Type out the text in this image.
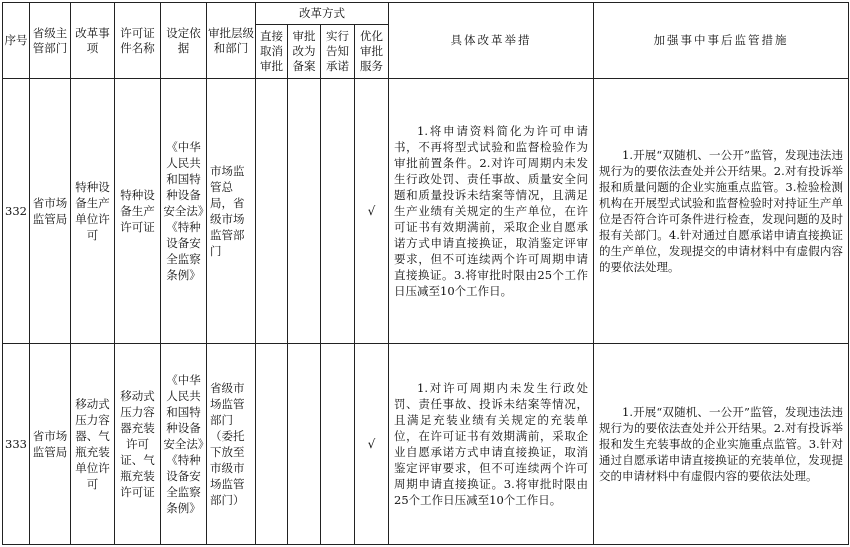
序号	省级主管部门	改革事项	许可证件名称	设定依据	审批层级和部门	改革方式				具体改革举措	加强事中事后监管措施
						直接取消审批	审批改为备案	实行告知承诺	优化审批服务		
332	省市场监管局	特种设备生产单位许可	特种设备生产许可证	《中华人民共和国特种设备安全法》《特种设备安全监察条例》	市场监管总局，省级市场监管部门				√	1.将申请资料简化为许可申请书，不再将型式试验和监督检验作为审批前置条件。2.对许可周期内未发生行政处罚、责任事故、质量安全问题和质量投诉未结案等情况，且满足生产业绩有关规定的生产单位，在许可证书有效期满前，采取企业自愿承诺方式申请直接换证，取消鉴定评审要求，但不可连续两个许可周期申请直接换证。3.将审批时限由25个工作日压减至10个工作日。	1.开展“双随机、一公开”监管，发现违法违规行为的要依法查处并公开结果。2.对有投诉举报和质量问题的企业实施重点监管。3.检验检测机构在开展型式试验和监督检验时对持证生产单位是否符合许可条件进行检查，发现问题的及时报有关部门。4.针对通过自愿承诺申请直接换证的生产单位，发现提交的申请材料中有虚假内容的要依法处理。
333	省市场监管局	移动式压力容器、气瓶充装单位许可	移动式压力容器充装许可证、气瓶充装许可证	《中华人民共和国特种设备安全法》《特种设备安全监察条例》	省级市场监管部门（委托下放至市级市场监管部门）				√	1.对许可周期内未发生行政处罚、责任事故、投诉未结案等情况，且满足充装业绩有关规定的充装单位，在许可证书有效期满前，采取企业自愿承诺方式申请直接换证，取消鉴定评审要求，但不可连续两个许可周期申请直接换证。3.将审批时限由25个工作日压减至10个工作日。	1.开展“双随机、一公开”监管，发现违法违规行为的要依法查处并公开结果。2.对有投诉举报和发生充装事故的企业实施重点监管。3.针对通过自愿承诺申请直接换证的充装单位，发现提交的申请材料中有虚假内容的要依法处理。
